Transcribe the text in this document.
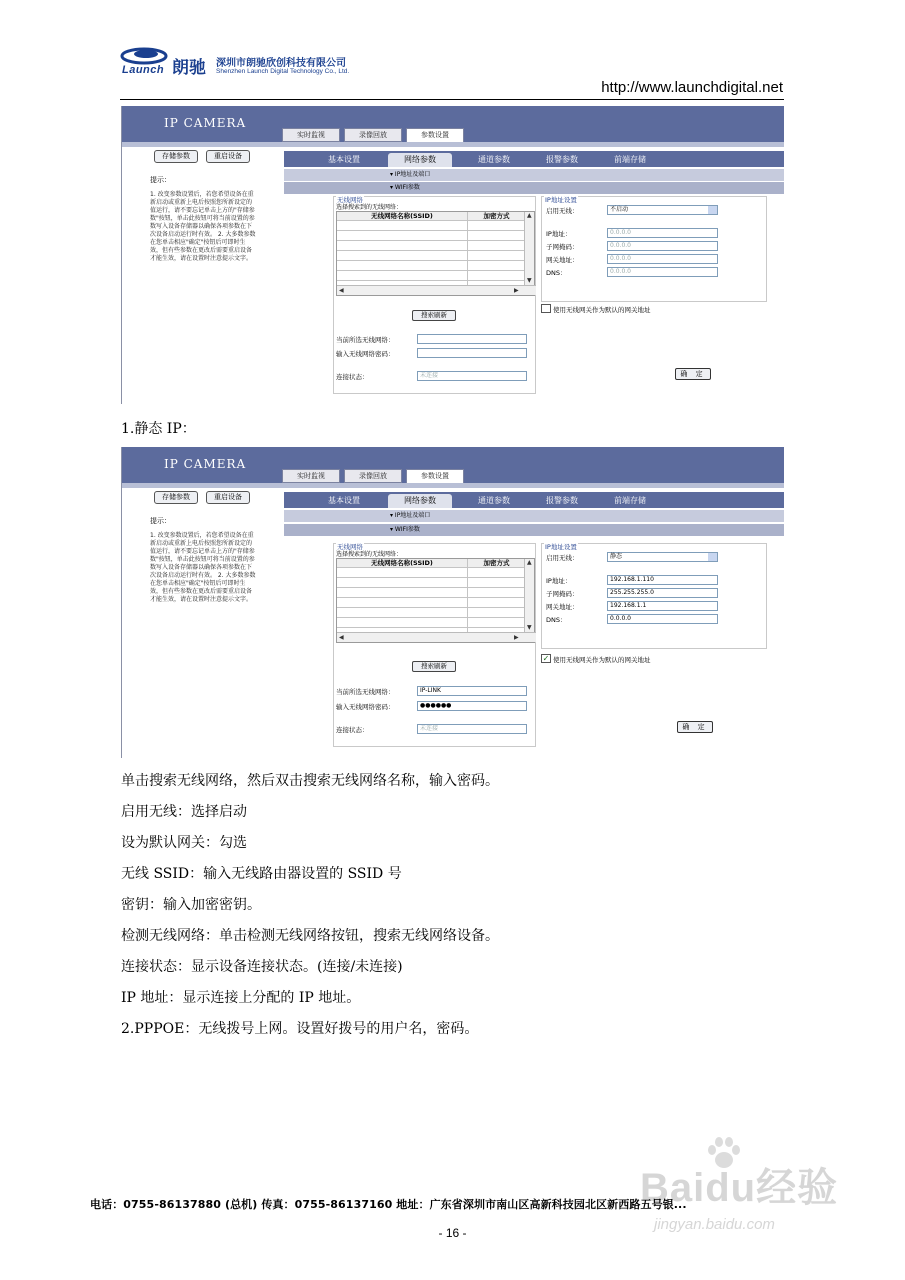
Launch 朗驰 深圳市朗驰欣创科技有限公司
Shenzhen Launch Digital Technology Co., Ltd.
http://www.launchdigital.net
IP CAMERA
实时监视	录像回放	参数设置
存储参数	重启设备
提示：
1. 改变参数设置后，若您希望设备在重新启动或重新上电后按照您所新设定的值运行，请不要忘记单击上方的"存储参数"按钮，单击此按钮可将当前设置的参数写入设备存储器以确保各项参数在下次设备启动运行时有效。 2. 大多数参数在您单击相应"确定"按钮后可即时生效，但有些参数在更改后需要重启设备才能生效，请在设置时注意提示文字。
基本设置	网络参数	通道参数	报警参数	前端存储
▾ IP地址及端口
▾ WIFI参数
无线网络
选择搜索到的无线网络：
无线网络名称(SSID)	加密方式	▲
▼
◀	▶
搜索刷新
当前所选无线网络：
输入无线网络密码：
连接状态：	未连接
IP地址设置
启用无线：	不启动
IP地址：	0.0.0.0
子网掩码：	0.0.0.0
网关地址：	0.0.0.0
DNS：	0.0.0.0
使用无线网关作为默认的网关地址
确 定
1.静态 IP：
IP CAMERA
实时监视	录像回放	参数设置
存储参数	重启设备
提示：
1. 改变参数设置后，若您希望设备在重新启动或重新上电后按照您所新设定的值运行，请不要忘记单击上方的"存储参数"按钮，单击此按钮可将当前设置的参数写入设备存储器以确保各项参数在下次设备启动运行时有效。 2. 大多数参数在您单击相应"确定"按钮后可即时生效，但有些参数在更改后需要重启设备才能生效，请在设置时注意提示文字。
基本设置	网络参数	通道参数	报警参数	前端存储
▾ IP地址及端口
▾ WIFI参数
无线网络
选择搜索到的无线网络：
无线网络名称(SSID)	加密方式	▲
▼
◀	▶
搜索刷新
当前所选无线网络：	IP-LINK
输入无线网络密码：	●●●●●●
连接状态：	未连接
IP地址设置
启用无线：	静态
IP地址：	192.168.1.110
子网掩码：	255.255.255.0
网关地址：	192.168.1.1
DNS：	0.0.0.0
✓ 使用无线网关作为默认的网关地址
确 定
单击搜索无线网络，然后双击搜索无线网络名称，输入密码。
启用无线：选择启动
设为默认网关：勾选
无线 SSID：输入无线路由器设置的 SSID 号
密钥：输入加密密钥。
检测无线网络：单击检测无线网络按钮，搜索无线网络设备。
连接状态：显示设备连接状态。(连接/未连接)
IP 地址：显示连接上分配的 IP 地址。
2.PPPOE：无线拨号上网。设置好拨号的用户名，密码。
Baidu经验
jingyan.baidu.com
电话：0755-86137880 (总机) 传真：0755-86137160 地址：广东省深圳市南山区高新科技园北区新西路五号银...
- 16 -
